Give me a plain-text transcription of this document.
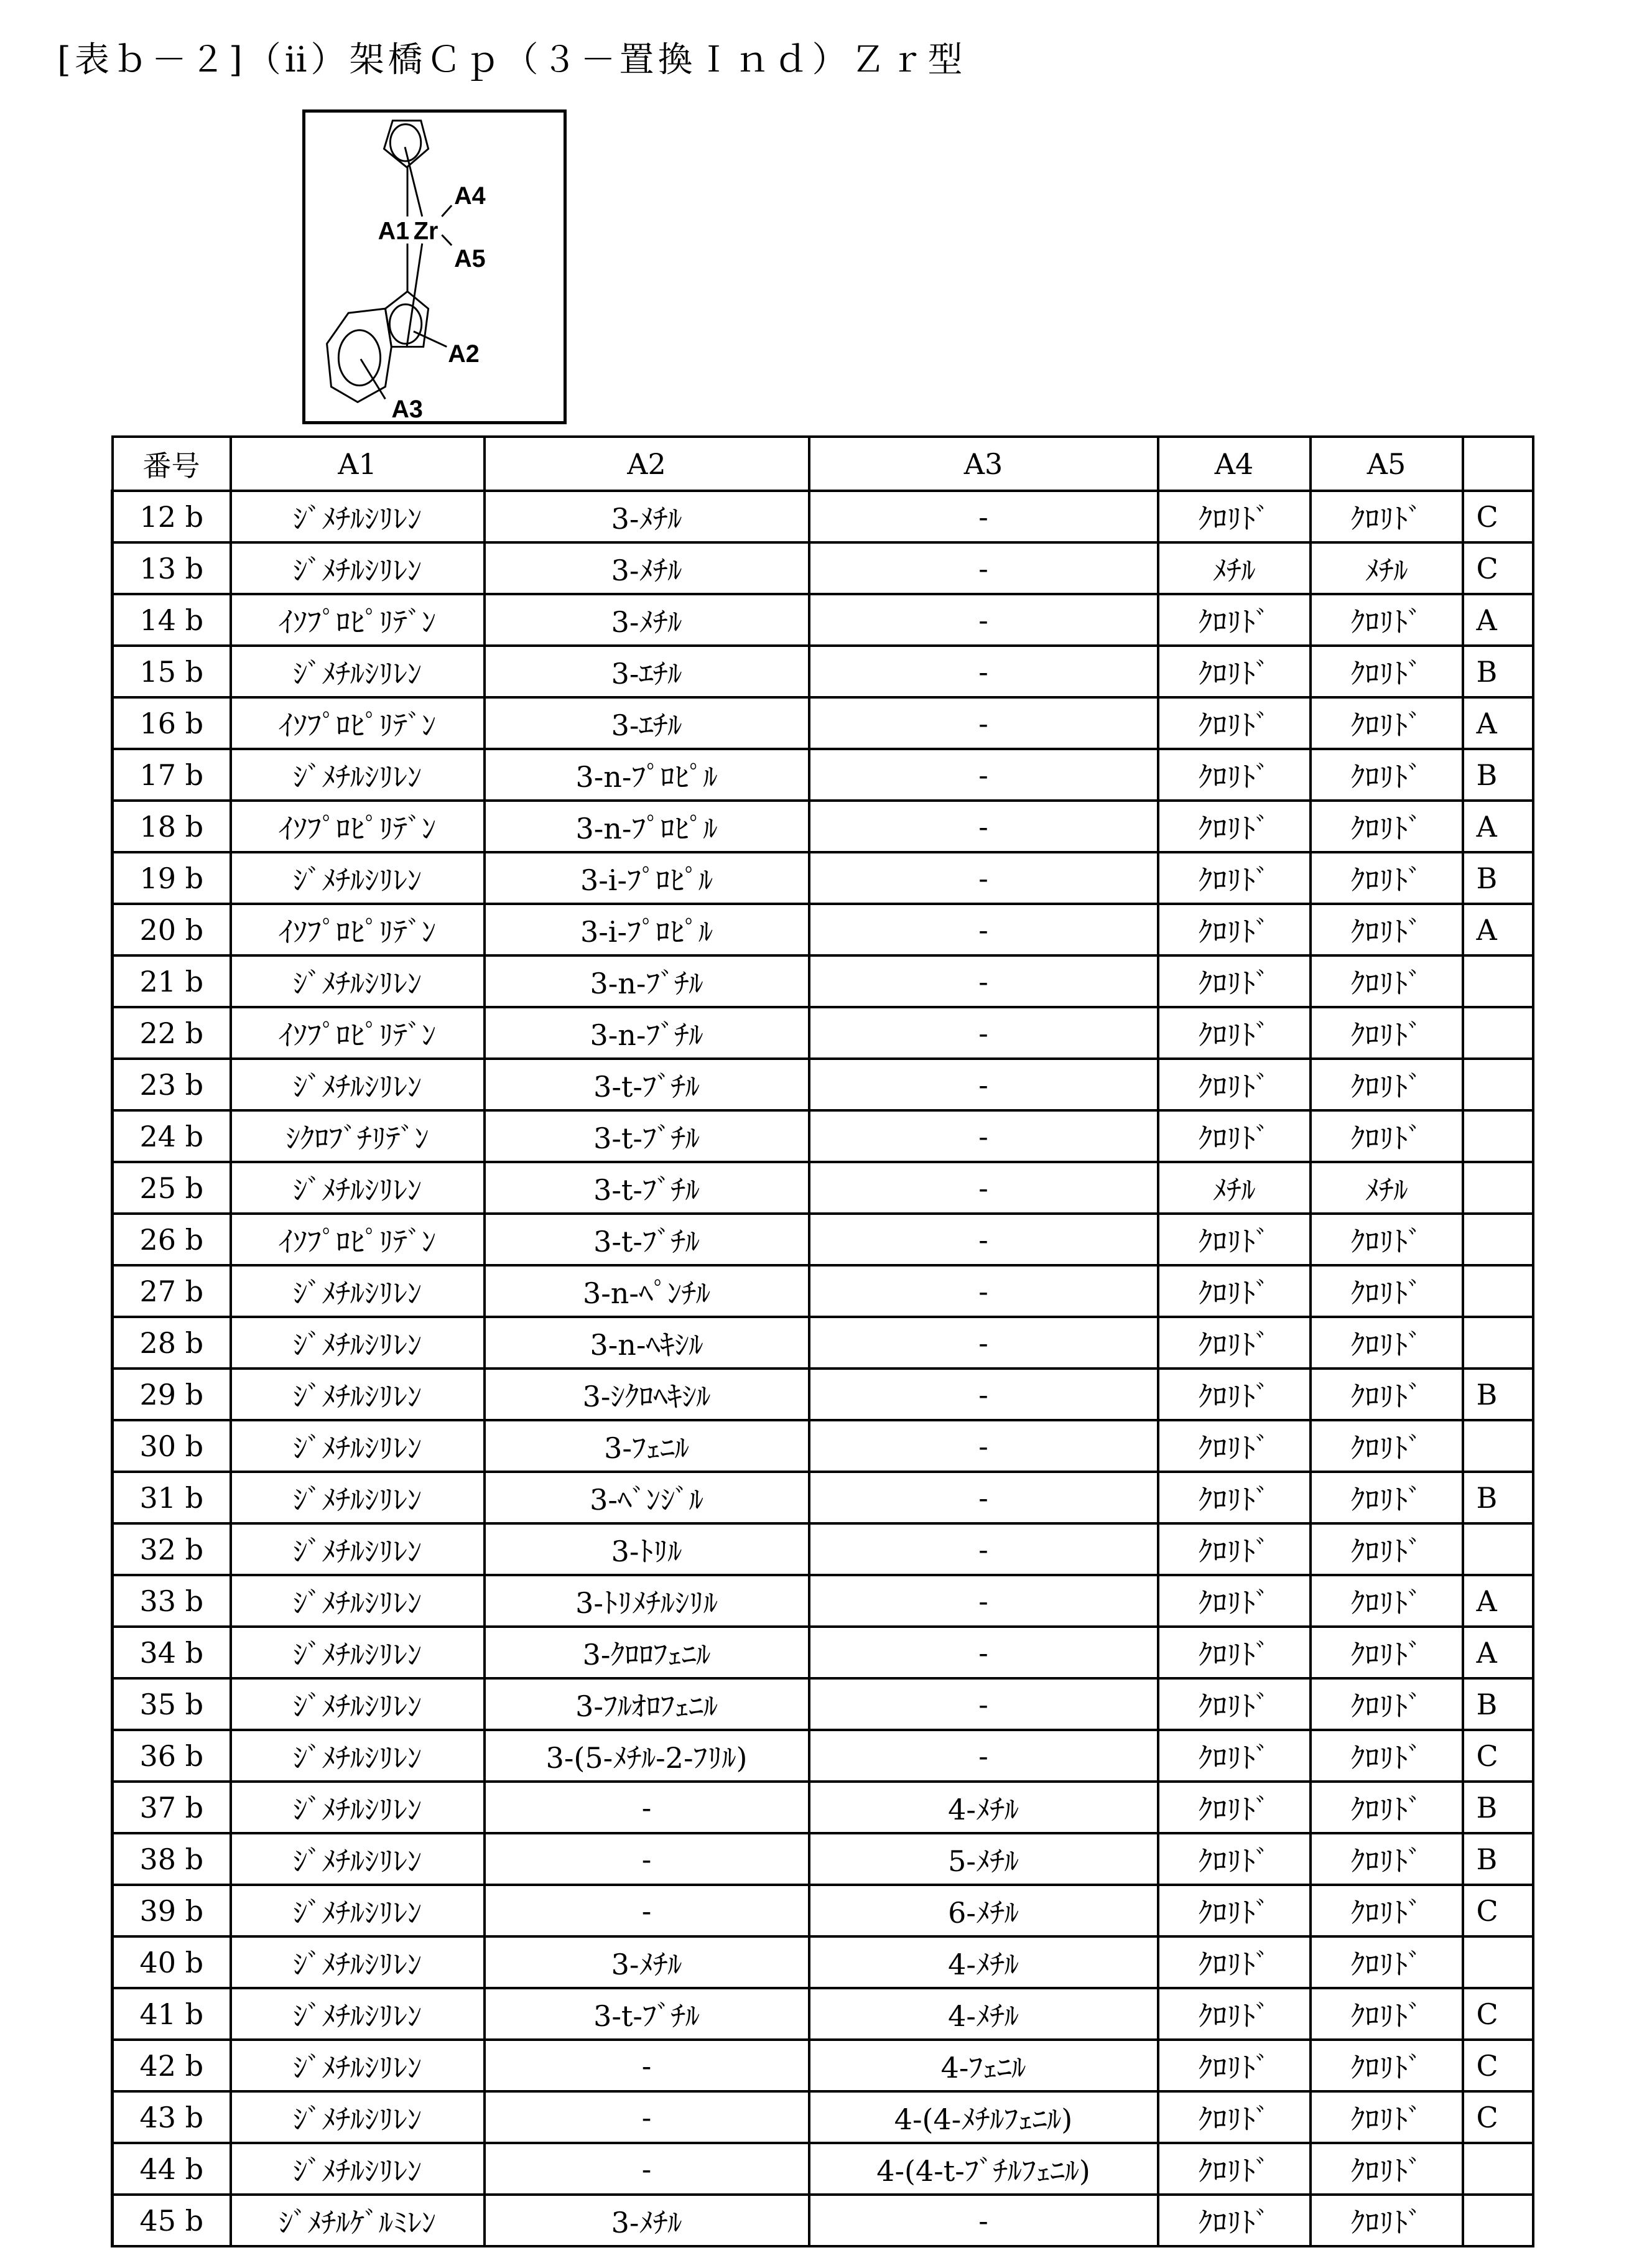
[表ｂ－２]（ⅱ）架橋Ｃｐ（３－置換Ｉｎｄ）Ｚｒ型
A1 Zr
A4
A5
A2
A3
番号	A1	A2	A3	A4	A5	
12 b	ｼﾞﾒﾁﾙｼﾘﾚﾝ	3-ﾒﾁﾙ	-	ｸﾛﾘﾄﾞ	ｸﾛﾘﾄﾞ	C
13 b	ｼﾞﾒﾁﾙｼﾘﾚﾝ	3-ﾒﾁﾙ	-	ﾒﾁﾙ	ﾒﾁﾙ	C
14 b	ｲｿﾌﾟﾛﾋﾟﾘﾃﾞﾝ	3-ﾒﾁﾙ	-	ｸﾛﾘﾄﾞ	ｸﾛﾘﾄﾞ	A
15 b	ｼﾞﾒﾁﾙｼﾘﾚﾝ	3-ｴﾁﾙ	-	ｸﾛﾘﾄﾞ	ｸﾛﾘﾄﾞ	B
16 b	ｲｿﾌﾟﾛﾋﾟﾘﾃﾞﾝ	3-ｴﾁﾙ	-	ｸﾛﾘﾄﾞ	ｸﾛﾘﾄﾞ	A
17 b	ｼﾞﾒﾁﾙｼﾘﾚﾝ	3-n-ﾌﾟﾛﾋﾟﾙ	-	ｸﾛﾘﾄﾞ	ｸﾛﾘﾄﾞ	B
18 b	ｲｿﾌﾟﾛﾋﾟﾘﾃﾞﾝ	3-n-ﾌﾟﾛﾋﾟﾙ	-	ｸﾛﾘﾄﾞ	ｸﾛﾘﾄﾞ	A
19 b	ｼﾞﾒﾁﾙｼﾘﾚﾝ	3-i-ﾌﾟﾛﾋﾟﾙ	-	ｸﾛﾘﾄﾞ	ｸﾛﾘﾄﾞ	B
20 b	ｲｿﾌﾟﾛﾋﾟﾘﾃﾞﾝ	3-i-ﾌﾟﾛﾋﾟﾙ	-	ｸﾛﾘﾄﾞ	ｸﾛﾘﾄﾞ	A
21 b	ｼﾞﾒﾁﾙｼﾘﾚﾝ	3-n-ﾌﾞﾁﾙ	-	ｸﾛﾘﾄﾞ	ｸﾛﾘﾄﾞ	
22 b	ｲｿﾌﾟﾛﾋﾟﾘﾃﾞﾝ	3-n-ﾌﾞﾁﾙ	-	ｸﾛﾘﾄﾞ	ｸﾛﾘﾄﾞ	
23 b	ｼﾞﾒﾁﾙｼﾘﾚﾝ	3-t-ﾌﾞﾁﾙ	-	ｸﾛﾘﾄﾞ	ｸﾛﾘﾄﾞ	
24 b	ｼｸﾛﾌﾞﾁﾘﾃﾞﾝ	3-t-ﾌﾞﾁﾙ	-	ｸﾛﾘﾄﾞ	ｸﾛﾘﾄﾞ	
25 b	ｼﾞﾒﾁﾙｼﾘﾚﾝ	3-t-ﾌﾞﾁﾙ	-	ﾒﾁﾙ	ﾒﾁﾙ	
26 b	ｲｿﾌﾟﾛﾋﾟﾘﾃﾞﾝ	3-t-ﾌﾞﾁﾙ	-	ｸﾛﾘﾄﾞ	ｸﾛﾘﾄﾞ	
27 b	ｼﾞﾒﾁﾙｼﾘﾚﾝ	3-n-ﾍﾟﾝﾁﾙ	-	ｸﾛﾘﾄﾞ	ｸﾛﾘﾄﾞ	
28 b	ｼﾞﾒﾁﾙｼﾘﾚﾝ	3-n-ﾍｷｼﾙ	-	ｸﾛﾘﾄﾞ	ｸﾛﾘﾄﾞ	
29 b	ｼﾞﾒﾁﾙｼﾘﾚﾝ	3-ｼｸﾛﾍｷｼﾙ	-	ｸﾛﾘﾄﾞ	ｸﾛﾘﾄﾞ	B
30 b	ｼﾞﾒﾁﾙｼﾘﾚﾝ	3-ﾌｪﾆﾙ	-	ｸﾛﾘﾄﾞ	ｸﾛﾘﾄﾞ	
31 b	ｼﾞﾒﾁﾙｼﾘﾚﾝ	3-ﾍﾞﾝｼﾞﾙ	-	ｸﾛﾘﾄﾞ	ｸﾛﾘﾄﾞ	B
32 b	ｼﾞﾒﾁﾙｼﾘﾚﾝ	3-ﾄﾘﾙ	-	ｸﾛﾘﾄﾞ	ｸﾛﾘﾄﾞ	
33 b	ｼﾞﾒﾁﾙｼﾘﾚﾝ	3-ﾄﾘﾒﾁﾙｼﾘﾙ	-	ｸﾛﾘﾄﾞ	ｸﾛﾘﾄﾞ	A
34 b	ｼﾞﾒﾁﾙｼﾘﾚﾝ	3-ｸﾛﾛﾌｪﾆﾙ	-	ｸﾛﾘﾄﾞ	ｸﾛﾘﾄﾞ	A
35 b	ｼﾞﾒﾁﾙｼﾘﾚﾝ	3-ﾌﾙｵﾛﾌｪﾆﾙ	-	ｸﾛﾘﾄﾞ	ｸﾛﾘﾄﾞ	B
36 b	ｼﾞﾒﾁﾙｼﾘﾚﾝ	3-(5-ﾒﾁﾙ-2-ﾌﾘﾙ)	-	ｸﾛﾘﾄﾞ	ｸﾛﾘﾄﾞ	C
37 b	ｼﾞﾒﾁﾙｼﾘﾚﾝ	-	4-ﾒﾁﾙ	ｸﾛﾘﾄﾞ	ｸﾛﾘﾄﾞ	B
38 b	ｼﾞﾒﾁﾙｼﾘﾚﾝ	-	5-ﾒﾁﾙ	ｸﾛﾘﾄﾞ	ｸﾛﾘﾄﾞ	B
39 b	ｼﾞﾒﾁﾙｼﾘﾚﾝ	-	6-ﾒﾁﾙ	ｸﾛﾘﾄﾞ	ｸﾛﾘﾄﾞ	C
40 b	ｼﾞﾒﾁﾙｼﾘﾚﾝ	3-ﾒﾁﾙ	4-ﾒﾁﾙ	ｸﾛﾘﾄﾞ	ｸﾛﾘﾄﾞ	
41 b	ｼﾞﾒﾁﾙｼﾘﾚﾝ	3-t-ﾌﾞﾁﾙ	4-ﾒﾁﾙ	ｸﾛﾘﾄﾞ	ｸﾛﾘﾄﾞ	C
42 b	ｼﾞﾒﾁﾙｼﾘﾚﾝ	-	4-ﾌｪﾆﾙ	ｸﾛﾘﾄﾞ	ｸﾛﾘﾄﾞ	C
43 b	ｼﾞﾒﾁﾙｼﾘﾚﾝ	-	4-(4-ﾒﾁﾙﾌｪﾆﾙ)	ｸﾛﾘﾄﾞ	ｸﾛﾘﾄﾞ	C
44 b	ｼﾞﾒﾁﾙｼﾘﾚﾝ	-	4-(4-t-ﾌﾞﾁﾙﾌｪﾆﾙ)	ｸﾛﾘﾄﾞ	ｸﾛﾘﾄﾞ	
45 b	ｼﾞﾒﾁﾙｹﾞﾙﾐﾚﾝ	3-ﾒﾁﾙ	-	ｸﾛﾘﾄﾞ	ｸﾛﾘﾄﾞ	
